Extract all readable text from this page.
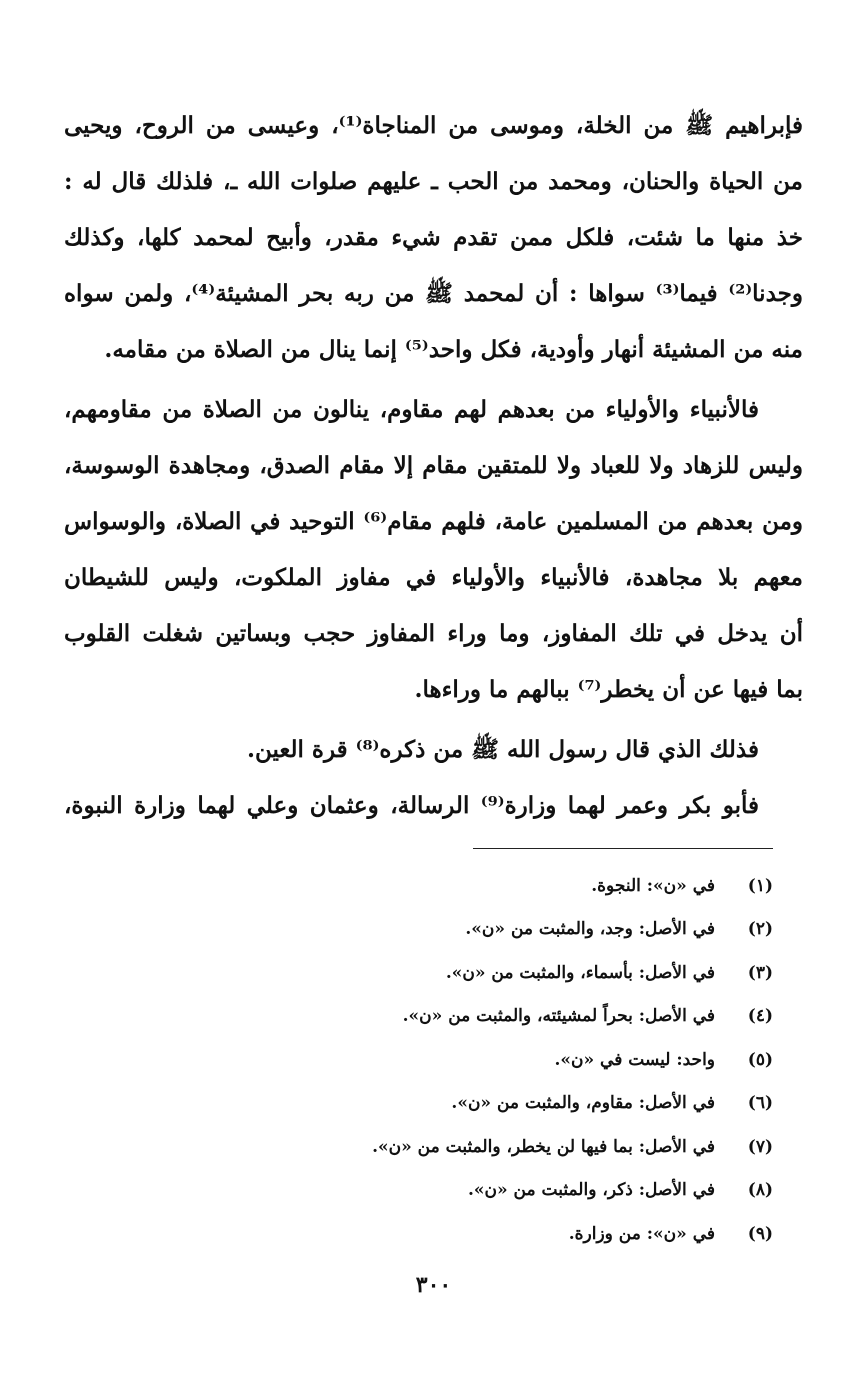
فإبراهيم ﷺ من الخلة، وموسى من المناجاة⁽¹⁾، وعيسى من الروح، ويحيى
من الحياة والحنان، ومحمد من الحب ـ عليهم صلوات الله ـ، فلذلك قال له :
خذ منها ما شئت، فلكل ممن تقدم شيء مقدر، وأبيح لمحمد كلها، وكذلك
وجدنا⁽²⁾ فيما⁽³⁾ سواها : أن لمحمد ﷺ من ربه بحر المشيئة⁽⁴⁾، ولمن سواه
منه من المشيئة أنهار وأودية، فكل واحد⁽⁵⁾ إنما ينال من الصلاة من مقامه.
فالأنبياء والأولياء من بعدهم لهم مقاوم، ينالون من الصلاة من مقاومهم،
وليس للزهاد ولا للعباد ولا للمتقين مقام إلا مقام الصدق، ومجاهدة الوسوسة،
ومن بعدهم من المسلمين عامة، فلهم مقام⁽⁶⁾ التوحيد في الصلاة، والوسواس
معهم بلا مجاهدة، فالأنبياء والأولياء في مفاوز الملكوت، وليس للشيطان
أن يدخل في تلك المفاوز، وما وراء المفاوز حجب وبساتين شغلت القلوب
بما فيها عن أن يخطر⁽⁷⁾ ببالهم ما وراءها.
فذلك الذي قال رسول الله ﷺ من ذكره⁽⁸⁾ قرة العين.
فأبو بكر وعمر لهما وزارة⁽⁹⁾ الرسالة، وعثمان وعلي لهما وزارة النبوة،
(١)
في «ن»: النجوة.
(٢)
في الأصل: وجد، والمثبت من «ن».
(٣)
في الأصل: بأسماء، والمثبت من «ن».
(٤)
في الأصل: بحراً لمشيئته، والمثبت من «ن».
(٥)
واحد: ليست في «ن».
(٦)
في الأصل: مقاوم، والمثبت من «ن».
(٧)
في الأصل: بما فيها لن يخطر، والمثبت من «ن».
(٨)
في الأصل: ذكر، والمثبت من «ن».
(٩)
في «ن»: من وزارة.
٣٠٠
